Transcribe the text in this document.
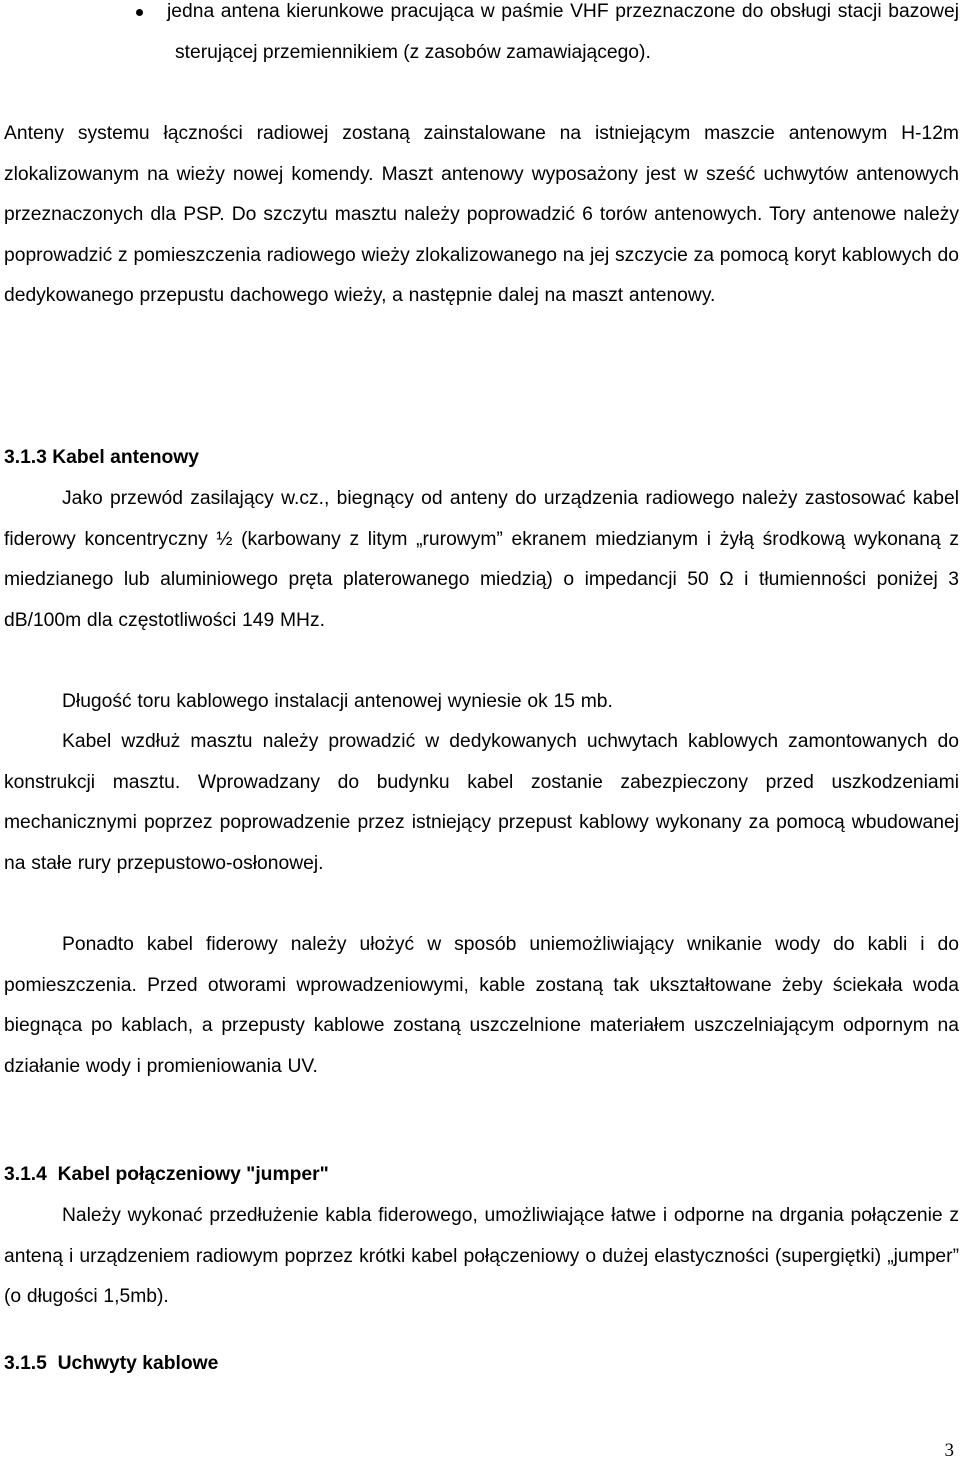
jedna antena kierunkowe pracująca w paśmie VHF przeznaczone do obsługi stacji bazowej sterującej przemiennikiem (z zasobów zamawiającego).

Anteny systemu łączności radiowej zostaną zainstalowane na istniejącym maszcie antenowym H-12m zlokalizowanym na wieży nowej komendy. Maszt antenowy wyposażony jest w sześć uchwytów antenowych przeznaczonych dla PSP. Do szczytu masztu należy poprowadzić 6 torów antenowych. Tory antenowe należy poprowadzić z pomieszczenia radiowego wieży zlokalizowanego na jej szczycie za pomocą koryt kablowych do dedykowanego przepustu dachowego wieży, a następnie dalej na maszt antenowy.

3.1.3 Kabel antenowy

Jako przewód zasilający w.cz., biegnący od anteny do urządzenia radiowego należy zastosować kabel fiderowy koncentryczny ½ (karbowany z litym „rurowym” ekranem miedzianym i żyłą środkową wykonaną z miedzianego lub aluminiowego pręta platerowanego miedzią) o impedancji 50 Ω i tłumienności poniżej 3 dB/100m dla częstotliwości 149 MHz.

Długość toru kablowego instalacji antenowej wyniesie ok 15 mb.

Kabel wzdłuż masztu należy prowadzić w dedykowanych uchwytach kablowych zamontowanych do konstrukcji masztu. Wprowadzany do budynku kabel zostanie zabezpieczony przed uszkodzeniami mechanicznymi poprzez poprowadzenie przez istniejący przepust kablowy wykonany za pomocą wbudowanej na stałe rury przepustowo-osłonowej.

Ponadto kabel fiderowy należy ułożyć w sposób uniemożliwiający wnikanie wody do kabli i do pomieszczenia. Przed otworami wprowadzeniowymi, kable zostaną tak ukształtowane żeby ściekała woda biegnąca po kablach, a przepusty kablowe zostaną uszczelnione materiałem uszczelniającym odpornym na działanie wody i promieniowania UV.

3.1.4  Kabel połączeniowy "jumper"

Należy wykonać przedłużenie kabla fiderowego, umożliwiające łatwe i odporne na drgania połączenie z anteną i urządzeniem radiowym poprzez krótki kabel połączeniowy o dużej elastyczności (supergiętki) „jumper” (o długości 1,5mb).

3.1.5  Uchwyty kablowe
3
